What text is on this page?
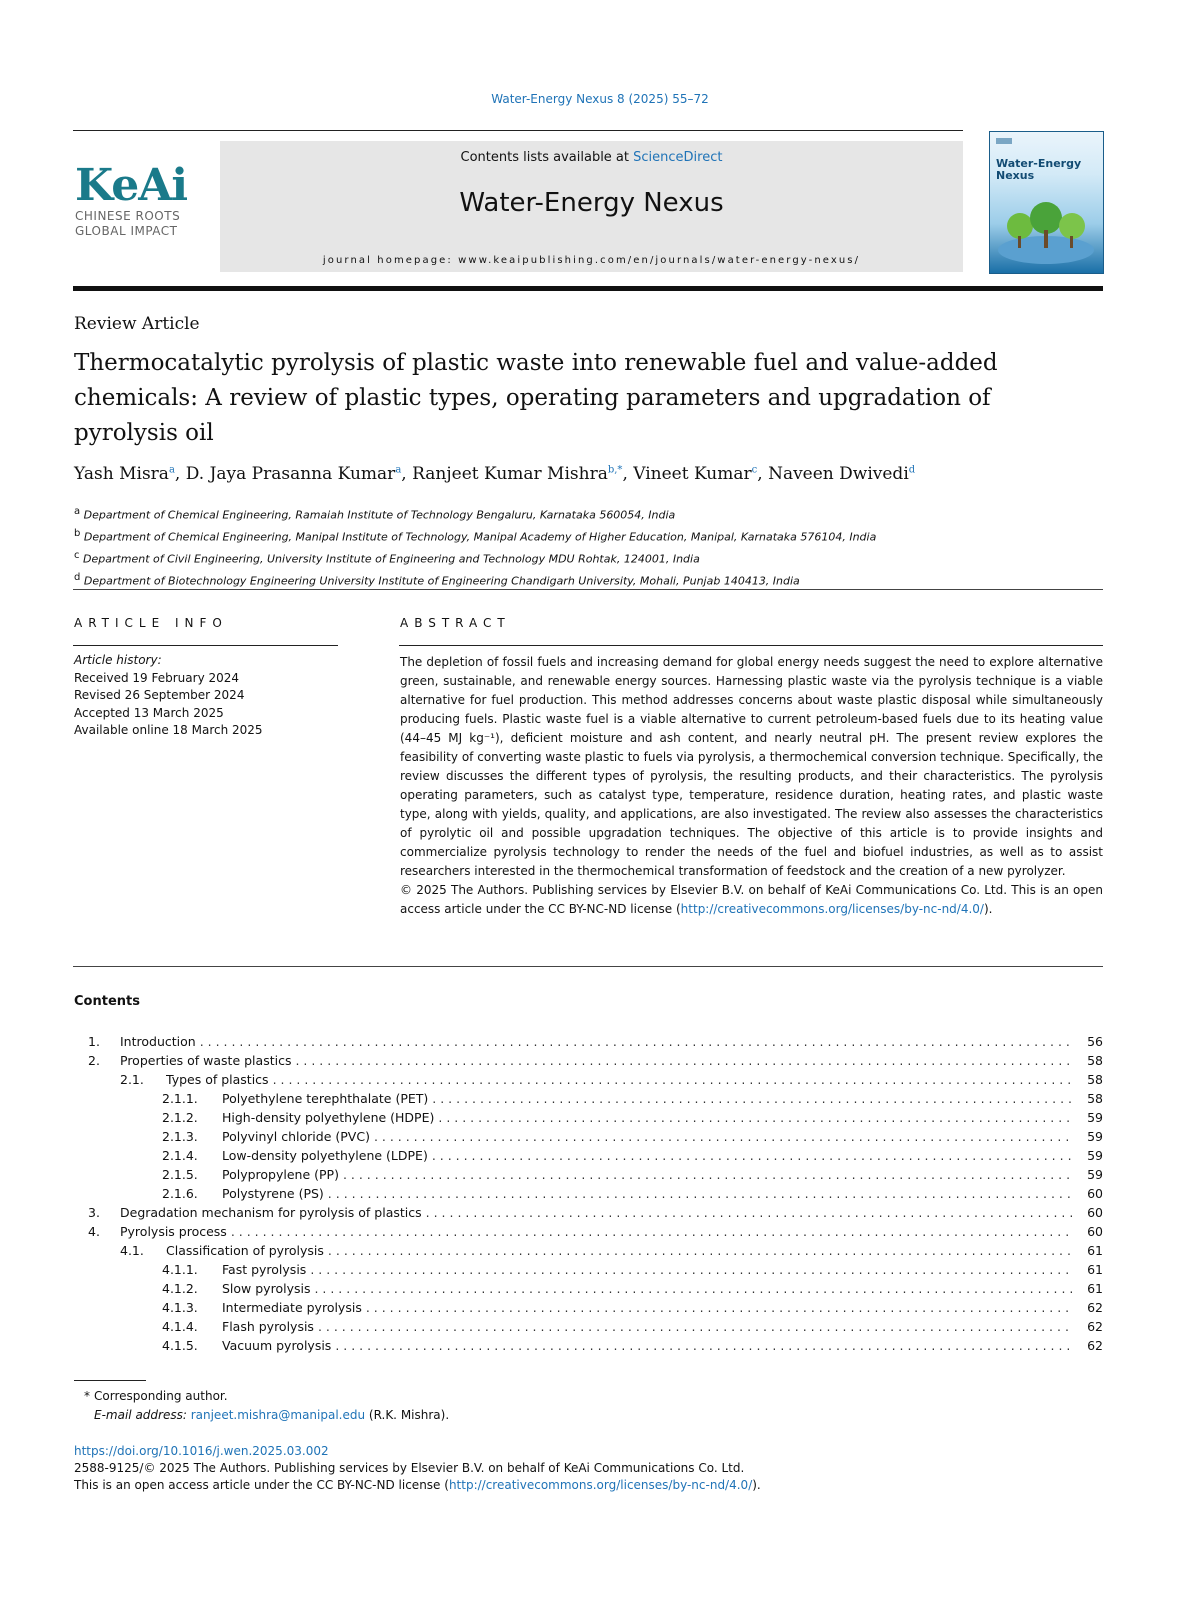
Water-Energy Nexus 8 (2025) 55–72
KeAi
CHINESE ROOTS
GLOBAL IMPACT
Contents lists available at ScienceDirect
Water-Energy Nexus
journal homepage: www.keaipublishing.com/en/journals/water-energy-nexus/
Water-Energy
Nexus
Review Article
Thermocatalytic pyrolysis of plastic waste into renewable fuel and value-added chemicals: A review of plastic types, operating parameters and upgradation of pyrolysis oil
Yash Misra$^a$, D. Jaya Prasanna Kumar$^a$, Ranjeet Kumar Mishra$^{b,*}$, Vineet Kumar$^c$, Naveen Dwivedi$^d$
$^a$ Department of Chemical Engineering, Ramaiah Institute of Technology Bengaluru, Karnataka 560054, India
$^b$ Department of Chemical Engineering, Manipal Institute of Technology, Manipal Academy of Higher Education, Manipal, Karnataka 576104, India
$^c$ Department of Civil Engineering, University Institute of Engineering and Technology MDU Rohtak, 124001, India
$^d$ Department of Biotechnology Engineering University Institute of Engineering Chandigarh University, Mohali, Punjab 140413, India
ARTICLE INFO
Article history:
Received 19 February 2024
Revised 26 September 2024
Accepted 13 March 2025
Available online 18 March 2025
ABSTRACT
The depletion of fossil fuels and increasing demand for global energy needs suggest the need to explore alternative green, sustainable, and renewable energy sources. Harnessing plastic waste via the pyrolysis technique is a viable alternative for fuel production. This method addresses concerns about waste plastic disposal while simultaneously producing fuels. Plastic waste fuel is a viable alternative to current petroleum-based fuels due to its heating value (44–45 MJ kg⁻¹), deficient moisture and ash content, and nearly neutral pH. The present review explores the feasibility of converting waste plastic to fuels via pyrolysis, a thermochemical conversion technique. Specifically, the review discusses the different types of pyrolysis, the resulting products, and their characteristics. The pyrolysis operating parameters, such as catalyst type, temperature, residence duration, heating rates, and plastic waste type, along with yields, quality, and applications, are also investigated. The review also assesses the characteristics of pyrolytic oil and possible upgradation techniques. The objective of this article is to provide insights and commercialize pyrolysis technology to render the needs of the fuel and biofuel industries, as well as to assist researchers interested in the thermochemical transformation of feedstock and the creation of a new pyrolyzer.
© 2025 The Authors. Publishing services by Elsevier B.V. on behalf of KeAi Communications Co. Ltd. This is an open access article under the CC BY-NC-ND license (http://creativecommons.org/licenses/by-nc-nd/4.0/).
Contents
1. Introduction . . .	56
2. Properties of waste plastics . . .	58
2.1. Types of plastics . . .	58
2.1.1. Polyethylene terephthalate (PET) . . .	58
2.1.2. High-density polyethylene (HDPE) . . .	59
2.1.3. Polyvinyl chloride (PVC) . . .	59
2.1.4. Low-density polyethylene (LDPE) . . .	59
2.1.5. Polypropylene (PP) . . .	59
2.1.6. Polystyrene (PS) . . .	60
3. Degradation mechanism for pyrolysis of plastics . . .	60
4. Pyrolysis process . . .	60
4.1. Classification of pyrolysis . . .	61
4.1.1. Fast pyrolysis . . .	61
4.1.2. Slow pyrolysis . . .	61
4.1.3. Intermediate pyrolysis . . .	62
4.1.4. Flash pyrolysis . . .	62
4.1.5. Vacuum pyrolysis . . .	62
* Corresponding author.
E-mail address: ranjeet.mishra@manipal.edu (R.K. Mishra).
https://doi.org/10.1016/j.wen.2025.03.002
2588-9125/© 2025 The Authors. Publishing services by Elsevier B.V. on behalf of KeAi Communications Co. Ltd.
This is an open access article under the CC BY-NC-ND license (http://creativecommons.org/licenses/by-nc-nd/4.0/).
